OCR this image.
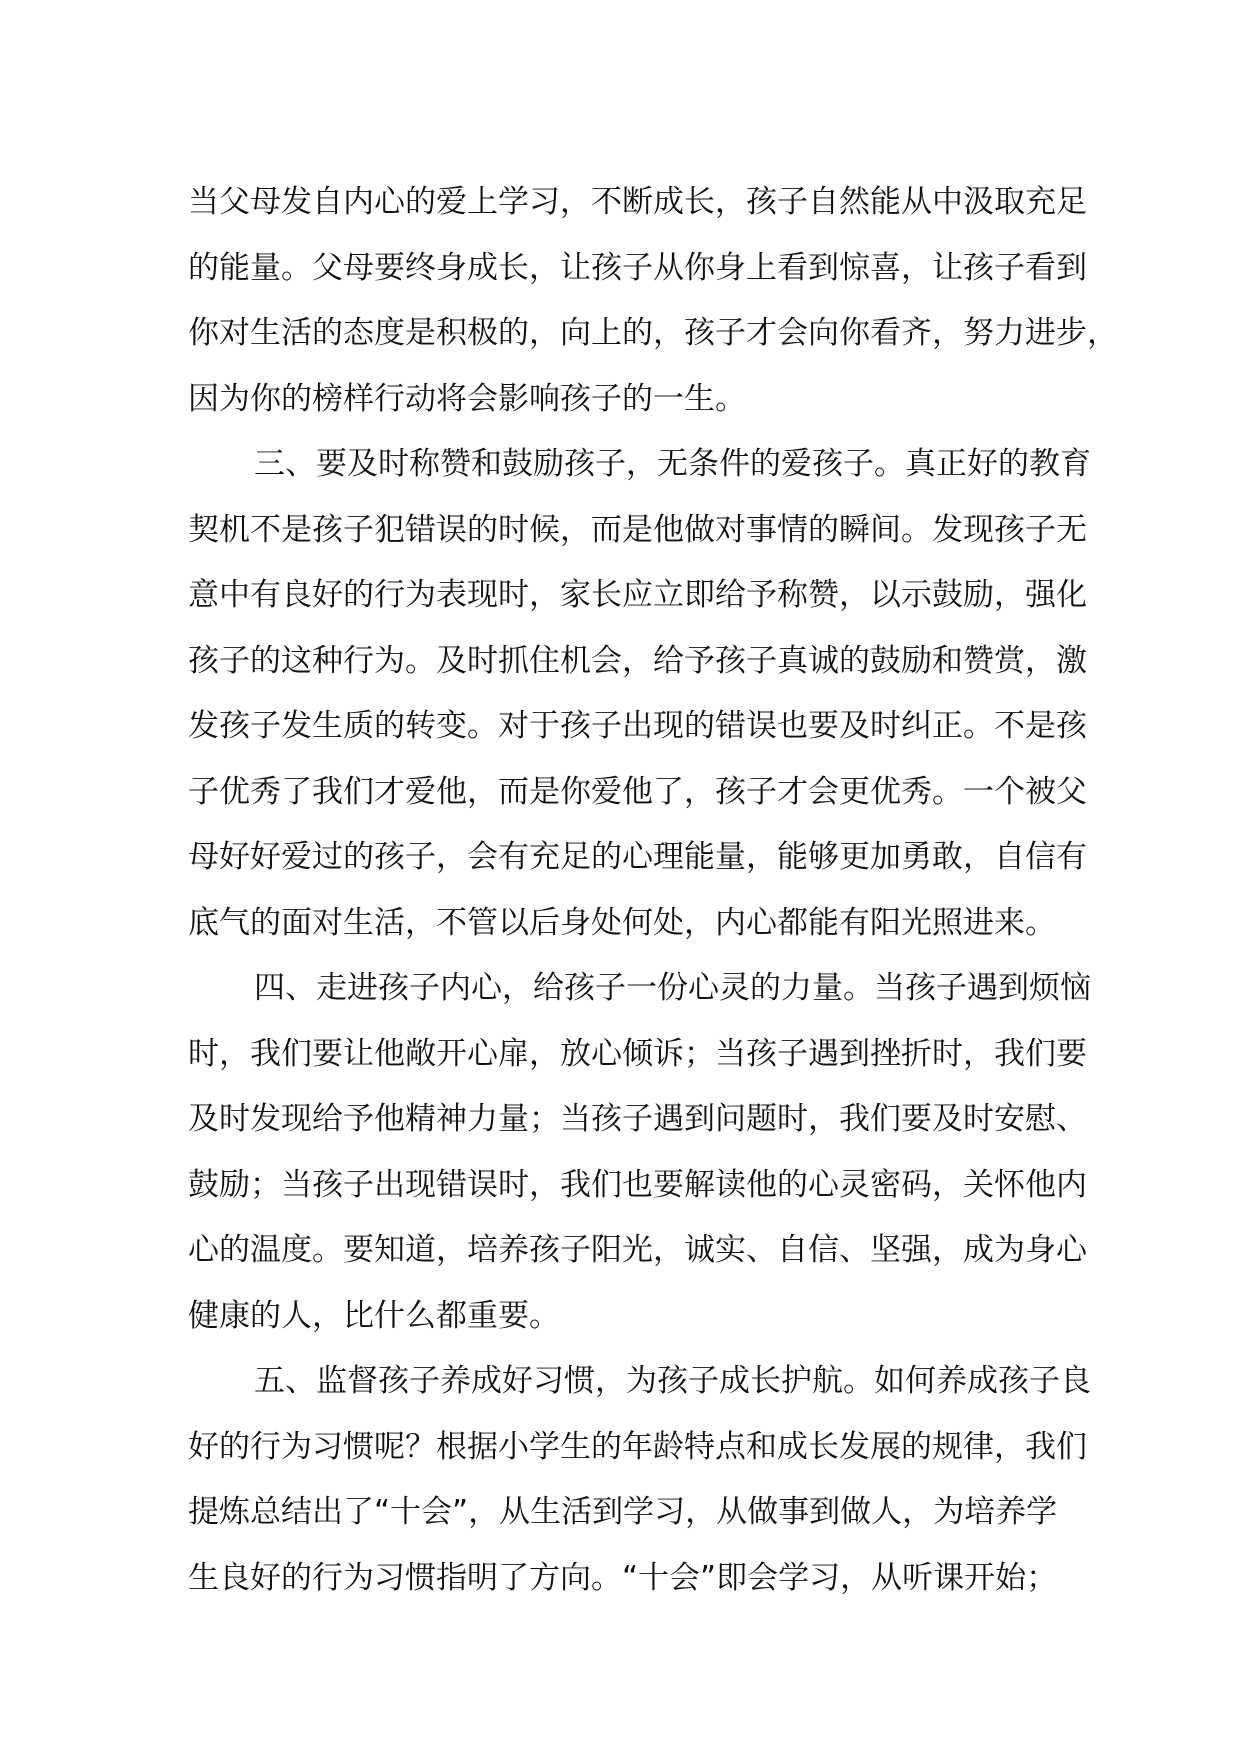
当父母发自内心的爱上学习，不断成长，孩子自然能从中汲取充足
的能量。父母要终身成长，让孩子从你身上看到惊喜，让孩子看到
你对生活的态度是积极的，向上的，孩子才会向你看齐，努力进步，
因为你的榜样行动将会影响孩子的一生。
三、要及时称赞和鼓励孩子，无条件的爱孩子。真正好的教育
契机不是孩子犯错误的时候，而是他做对事情的瞬间。发现孩子无
意中有良好的行为表现时，家长应立即给予称赞，以示鼓励，强化
孩子的这种行为。及时抓住机会，给予孩子真诚的鼓励和赞赏，激
发孩子发生质的转变。对于孩子出现的错误也要及时纠正。不是孩
子优秀了我们才爱他，而是你爱他了，孩子才会更优秀。一个被父
母好好爱过的孩子，会有充足的心理能量，能够更加勇敢，自信有
底气的面对生活，不管以后身处何处，内心都能有阳光照进来。
四、走进孩子内心，给孩子一份心灵的力量。当孩子遇到烦恼
时，我们要让他敞开心扉，放心倾诉；当孩子遇到挫折时，我们要
及时发现给予他精神力量；当孩子遇到问题时，我们要及时安慰、
鼓励；当孩子出现错误时，我们也要解读他的心灵密码，关怀他内
心的温度。要知道，培养孩子阳光，诚实、自信、坚强，成为身心
健康的人，比什么都重要。
五、监督孩子养成好习惯，为孩子成长护航。如何养成孩子良
好的行为习惯呢？根据小学生的年龄特点和成长发展的规律，我们
提炼总结出了“十会”，从生活到学习，从做事到做人，为培养学
生良好的行为习惯指明了方向。“十会”即会学习，从听课开始；
